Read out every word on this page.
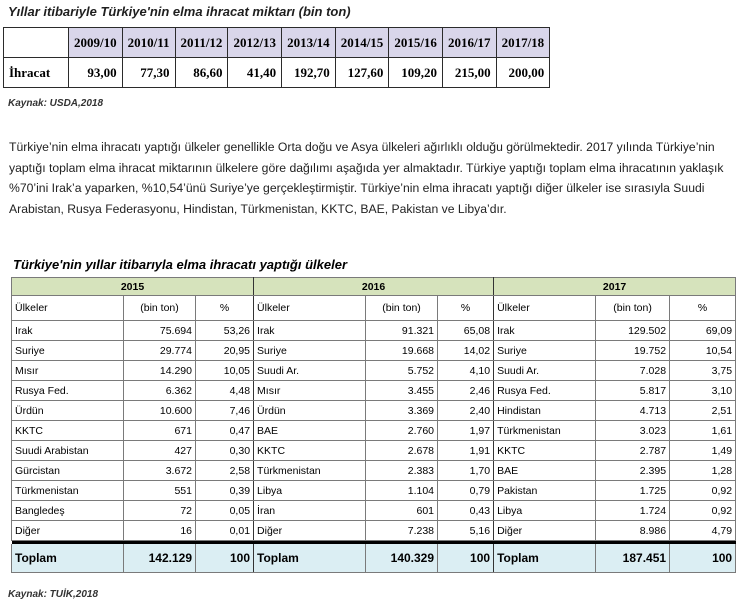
Yıllar itibariyle Türkiye'nin elma ihracat miktarı (bin ton)
	2009/10	2010/11	2011/12	2012/13	2013/14	2014/15	2015/16	2016/17	2017/18
İhracat	93,00	77,30	86,60	41,40	192,70	127,60	109,20	215,00	200,00
Kaynak: USDA,2018
Türkiye’nin elma ihracatı yaptığı ülkeler genellikle Orta doğu ve Asya ülkeleri ağırlıklı olduğu görülmektedir. 2017 yılında Türkiye’nin yaptığı toplam elma ihracat miktarının ülkelere göre dağılımı aşağıda yer almaktadır. Türkiye yaptığı toplam elma ihracatının yaklaşık %70’ini Irak’a yaparken, %10,54’ünü Suriye’ye gerçekleştirmiştir. Türkiye’nin elma ihracatı yaptığı diğer ülkeler ise sırasıyla Suudi Arabistan, Rusya Federasyonu, Hindistan, Türkmenistan, KKTC, BAE, Pakistan ve Libya’dır.
Türkiye'nin yıllar itibarıyla elma ihracatı yaptığı ülkeler
2015			2016			2017		
Ülkeler	(bin ton)	%	Ülkeler	(bin ton)	%	Ülkeler	(bin ton)	%
Irak	75.694	53,26	Irak	91.321	65,08	Irak	129.502	69,09
Suriye	29.774	20,95	Suriye	19.668	14,02	Suriye	19.752	10,54
Mısır	14.290	10,05	Suudi Ar.	5.752	4,10	Suudi Ar.	7.028	3,75
Rusya Fed.	6.362	4,48	Mısır	3.455	2,46	Rusya Fed.	5.817	3,10
Ürdün	10.600	7,46	Ürdün	3.369	2,40	Hindistan	4.713	2,51
KKTC	671	0,47	BAE	2.760	1,97	Türkmenistan	3.023	1,61
Suudi Arabistan	427	0,30	KKTC	2.678	1,91	KKTC	2.787	1,49
Gürcistan	3.672	2,58	Türkmenistan	2.383	1,70	BAE	2.395	1,28
Türkmenistan	551	0,39	Libya	1.104	0,79	Pakistan	1.725	0,92
Bangledeş	72	0,05	İran	601	0,43	Libya	1.724	0,92
Diğer	16	0,01	Diğer	7.238	5,16	Diğer	8.986	4,79

Toplam	142.129	100	Toplam	140.329	100	Toplam	187.451	100
Kaynak: TUİK,2018
